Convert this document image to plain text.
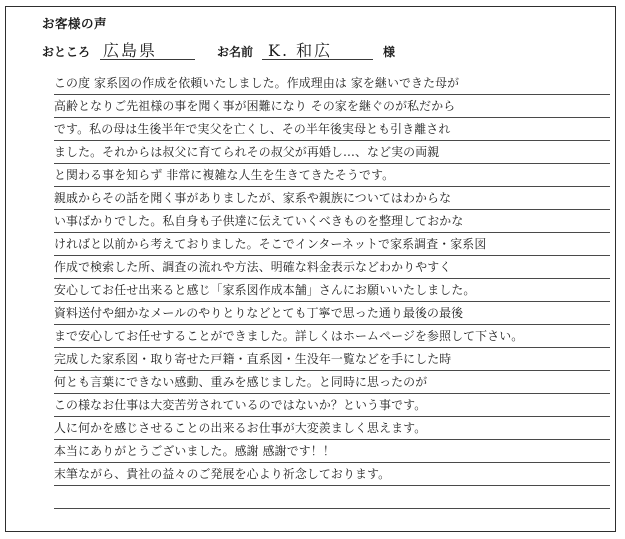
お客様の声
おところ 広島県	お名前 K. 和広	様
この度 家系図の作成を依頼いたしました。作成理由は 家を継いできた母が
高齢となりご先祖様の事を聞く事が困難になり その家を継ぐのが私だから
です。私の母は生後半年で実父を亡くし、その半年後実母とも引き離され
ました。それからは叔父に育てられその叔父が再婚し…、など実の両親
と関わる事を知らず 非常に複雑な人生を生きてきたそうです。
親戚からその話を聞く事がありましたが、家系や親族についてはわからな
い事ばかりでした。私自身も子供達に伝えていくべきものを整理しておかな
ければと以前から考えておりました。そこでインターネットで家系調査・家系図
作成で検索した所、調査の流れや方法、明確な料金表示などわかりやすく
安心してお任せ出来ると感じ「家系図作成本舗」さんにお願いいたしました。
資料送付や細かなメールのやりとりなどとても丁寧で思った通り最後の最後
まで安心してお任せすることができました。詳しくはホームページを参照して下さい。
完成した家系図・取り寄せた戸籍・直系図・生没年一覧などを手にした時
何とも言葉にできない感動、重みを感じました。と同時に思ったのが
この様なお仕事は大変苦労されているのではないか？という事です。
人に何かを感じさせることの出来るお仕事が大変羨ましく思えます。
本当にありがとうございました。感謝 感謝です！！
末筆ながら、貴社の益々のご発展を心より祈念しております。
